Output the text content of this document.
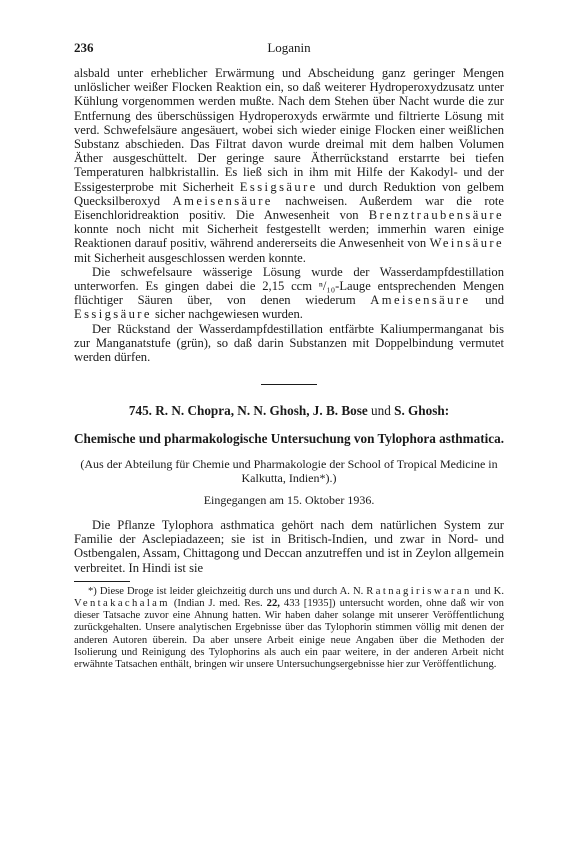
236	Loganin

alsbald unter erheblicher Erwärmung und Abscheidung ganz geringer Mengen unlöslicher weißer Flocken Reaktion ein, so daß weiterer Hydroperoxydzusatz unter Kühlung vorgenommen werden mußte. Nach dem Stehen über Nacht wurde die zur Entfernung des überschüssigen Hydroperoxyds erwärmte und filtrierte Lösung mit verd. Schwefelsäure angesäuert, wobei sich wieder einige Flocken einer weißlichen Substanz abschieden. Das Filtrat davon wurde dreimal mit dem halben Volumen Äther ausgeschüttelt. Der geringe saure Ätherrückstand erstarrte bei tiefen Temperaturen halbkristallin. Es ließ sich in ihm mit Hilfe der Kakodyl- und der Essigesterprobe mit Sicherheit Essigsäure und durch Reduktion von gelbem Quecksilberoxyd Ameisensäure nachweisen. Außerdem war die rote Eisenchloridreaktion positiv. Die Anwesenheit von Brenztraubensäure konnte noch nicht mit Sicherheit festgestellt werden; immerhin waren einige Reaktionen darauf positiv, während andererseits die Anwesenheit von Weinsäure mit Sicherheit ausgeschlossen werden konnte.

Die schwefelsaure wässerige Lösung wurde der Wasserdampfdestillation unterworfen. Es gingen dabei die 2,15 ccm ⁿ/₁₀-Lauge entsprechenden Mengen flüchtiger Säuren über, von denen wiederum Ameisensäure und Essigsäure sicher nachgewiesen wurden.

Der Rückstand der Wasserdampfdestillation entfärbte Kaliumpermanganat bis zur Manganatstufe (grün), so daß darin Substanzen mit Doppelbindung vermutet werden dürfen.

745. R. N. Chopra, N. N. Ghosh, J. B. Bose und S. Ghosh:
Chemische und pharmakologische Untersuchung von Tylophora asthmatica.
(Aus der Abteilung für Chemie und Pharmakologie der School of Tropical Medicine in Kalkutta, Indien*).)
Eingegangen am 15. Oktober 1936.

Die Pflanze Tylophora asthmatica gehört nach dem natürlichen System zur Familie der Asclepiadazeen; sie ist in Britisch-Indien, und zwar in Nord- und Ostbengalen, Assam, Chittagong und Deccan anzutreffen und ist in Zeylon allgemein verbreitet. In Hindi ist sie

*) Diese Droge ist leider gleichzeitig durch uns und durch A. N. Ratnagiriswaran und K. Ventakachalam (Indian J. med. Res. 22, 433 [1935]) untersucht worden, ohne daß wir von dieser Tatsache zuvor eine Ahnung hatten. Wir haben daher solange mit unserer Veröffentlichung zurückgehalten. Unsere analytischen Ergebnisse über das Tylophorin stimmen völlig mit denen der anderen Autoren überein. Da aber unsere Arbeit einige neue Angaben über die Methoden der Isolierung und Reinigung des Tylophorins als auch ein paar weitere, in der anderen Arbeit nicht erwähnte Tatsachen enthält, bringen wir unsere Untersuchungsergebnisse hier zur Veröffentlichung.
